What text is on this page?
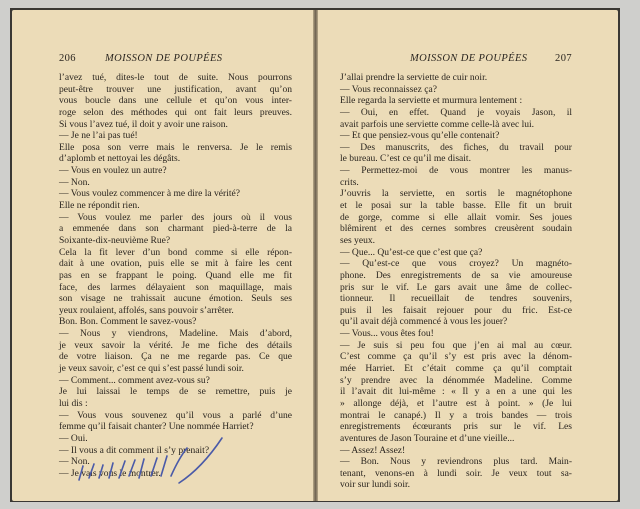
206	MOISSON DE POUPÉES
l’avez tué, dites-le tout de suite. Nous pourrons
peut-être trouver une justification, avant qu’on
vous boucle dans une cellule et qu’on vous inter-
roge selon des méthodes qui ont fait leurs preuves.
Si vous l’avez tué, il doit y avoir une raison.
— Je ne l’ai pas tué!
Elle posa son verre mais le renversa. Je le remis
d’aplomb et nettoyai les dégâts.
— Vous en voulez un autre?
— Non.
— Vous voulez commencer à me dire la vérité?
Elle ne répondit rien.
— Vous voulez me parler des jours où il vous
a emmenée dans son charmant pied-à-terre de la
Soixante-dix-neuvième Rue?
Cela la fit lever d’un bond comme si elle répon-
dait à une ovation, puis elle se mit à faire les cent
pas en se frappant le poing. Quand elle me fit
face, des larmes délayaient son maquillage, mais
son visage ne trahissait aucune émotion. Seuls ses
yeux roulaient, affolés, sans pouvoir s’arrêter.
Bon. Bon. Comment le savez-vous?
— Nous y viendrons, Madeline. Mais d’abord,
je veux savoir la vérité. Je me fiche des détails
de votre liaison. Ça ne me regarde pas. Ce que
je veux savoir, c’est ce qui s’est passé lundi soir.
— Comment... comment avez-vous su?
Je lui laissai le temps de se remettre, puis je
lui dis :
— Vous vous souvenez qu’il vous a parlé d’une
femme qu’il faisait chanter? Une nommée Harriet?
— Oui.
— Il vous a dit comment il s’y prenait?
— Non.
— Je vais vous le montrer.
MOISSON DE POUPÉES	207
J’allai prendre la serviette de cuir noir.
— Vous reconnaissez ça?
Elle regarda la serviette et murmura lentement :
— Oui, en effet. Quand je voyais Jason, il
avait parfois une serviette comme celle-là avec lui.
— Et que pensiez-vous qu’elle contenait?
— Des manuscrits, des fiches, du travail pour
le bureau. C’est ce qu’il me disait.
— Permettez-moi de vous montrer les manus-
crits.
J’ouvris la serviette, en sortis le magnétophone
et le posai sur la table basse. Elle fit un bruit
de gorge, comme si elle allait vomir. Ses joues
blêmirent et des cernes sombres creusèrent soudain
ses yeux.
— Que... Qu’est-ce que c’est que ça?
— Qu’est-ce que vous croyez? Un magnéto-
phone. Des enregistrements de sa vie amoureuse
pris sur le vif. Le gars avait une âme de collec-
tionneur. Il recueillait de tendres souvenirs,
puis il les faisait rejouer pour du fric. Est-ce
qu’il avait déjà commencé à vous les jouer?
— Vous... vous êtes fou!
— Je suis si peu fou que j’en ai mal au cœur.
C’est comme ça qu’il s’y est pris avec la dénom-
mée Harriet. Et c’était comme ça qu’il comptait
s’y prendre avec la dénommée Madeline. Comme
il l’avait dit lui-même : « Il y a en a une qui les
» allonge déjà, et l’autre est à point. » (Je lui
montrai le canapé.) Il y a trois bandes — trois
enregistrements écœurants pris sur le vif. Les
aventures de Jason Touraine et d’une vieille...
— Assez! Assez!
— Bon. Nous y reviendrons plus tard. Main-
tenant, venons-en à lundi soir. Je veux tout sa-
voir sur lundi soir.
